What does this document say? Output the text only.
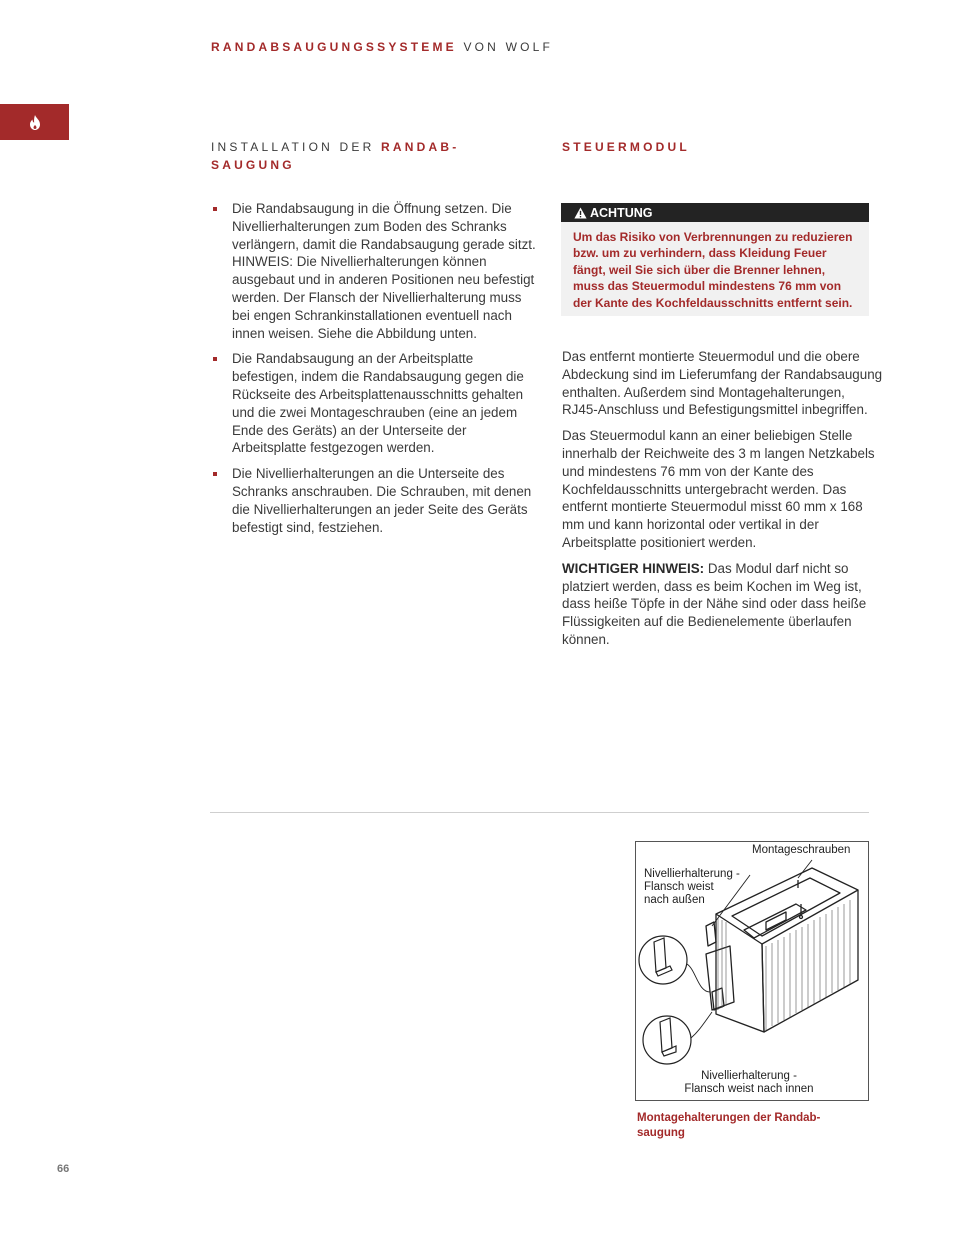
RANDABSAUGUNGSSYSTEME VON WOLF
INSTALLATION DER RANDAB-
SAUGUNG
STEUERMODUL
Die Randabsaugung in die Öffnung setzen. Die Nivellierhalterungen zum Boden des Schranks verlängern, damit die Randabsaugung gerade sitzt. HINWEIS: Die Nivellierhalterungen können ausgebaut und in anderen Positionen neu befestigt werden. Der Flansch der Nivellierhalterung muss bei engen Schrankinstallationen eventuell nach innen weisen. Siehe die Abbildung unten.
Die Randabsaugung an der Arbeitsplatte befestigen, indem die Randabsaugung gegen die Rückseite des Arbeitsplattenausschnitts gehalten und die zwei Montageschrauben (eine an jedem Ende des Geräts) an der Unterseite der Arbeitsplatte festgezogen werden.
Die Nivellierhalterungen an die Unterseite des Schranks anschrauben. Die Schrauben, mit denen die Nivellierhalterungen an jeder Seite des Geräts befestigt sind, festziehen.
ACHTUNG
Um das Risiko von Verbrennungen zu reduzieren bzw. um zu verhindern, dass Kleidung Feuer fängt, weil Sie sich über die Brenner lehnen, muss das Steuermodul mindestens 76 mm von der Kante des Kochfeldausschnitts entfernt sein.

Das entfernt montierte Steuermodul und die obere Abdeckung sind im Lieferumfang der Randabsaugung enthalten. Außerdem sind Montagehalterungen, RJ45-Anschluss und Befestigungsmittel inbegriffen.

Das Steuermodul kann an einer beliebigen Stelle innerhalb der Reichweite des 3 m langen Netzkabels und mindestens 76 mm von der Kante des Kochfeldausschnitts untergebracht werden. Das entfernt montierte Steuermodul misst 60 mm x 168 mm und kann horizontal oder vertikal in der Arbeitsplatte positioniert werden.

WICHTIGER HINWEIS: Das Modul darf nicht so platziert werden, dass es beim Kochen im Weg ist, dass heiße Töpfe in der Nähe sind oder dass heiße Flüssigkeiten auf die Bedienelemente überlaufen können.

Montageschrauben
Nivellierhalterung -
Flansch weist
nach außen
Nivellierhalterung -
Flansch weist nach innen
Montagehalterungen der Randabsaugung
66
